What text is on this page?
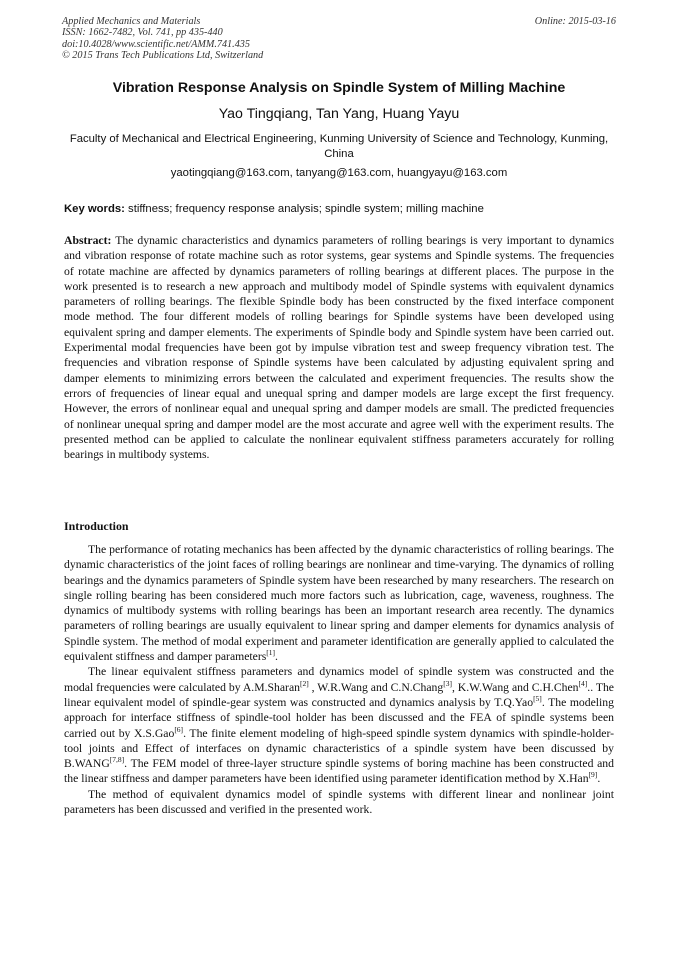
Applied Mechanics and Materials
ISSN: 1662-7482, Vol. 741, pp 435-440
doi:10.4028/www.scientific.net/AMM.741.435
© 2015 Trans Tech Publications Ltd, Switzerland
Online: 2015-03-16
Vibration Response Analysis on Spindle System of Milling Machine
Yao Tingqiang, Tan Yang, Huang Yayu
Faculty of Mechanical and Electrical Engineering, Kunming University of Science and Technology, Kunming, China
yaotingqiang@163.com, tanyang@163.com, huangyayu@163.com
Key words: stiffness; frequency response analysis; spindle system; milling machine
Abstract: The dynamic characteristics and dynamics parameters of rolling bearings is very important to dynamics and vibration response of rotate machine such as rotor systems, gear systems and Spindle systems. The frequencies of rotate machine are affected by dynamics parameters of rolling bearings at different places. The purpose in the work presented is to research a new approach and multibody model of Spindle systems with equivalent dynamics parameters of rolling bearings. The flexible Spindle body has been constructed by the fixed interface component mode method. The four different models of rolling bearings for Spindle systems have been developed using equivalent spring and damper elements. The experiments of Spindle body and Spindle system have been carried out. Experimental modal frequencies have been got by impulse vibration test and sweep frequency vibration test. The frequencies and vibration response of Spindle systems have been calculated by adjusting equivalent spring and damper elements to minimizing errors between the calculated and experiment frequencies. The results show the errors of frequencies of linear equal and unequal spring and damper models are large except the first frequency. However, the errors of nonlinear equal and unequal spring and damper models are small. The predicted frequencies of nonlinear unequal spring and damper model are the most accurate and agree well with the experiment results. The presented method can be applied to calculate the nonlinear equivalent stiffness parameters accurately for rolling bearings in multibody systems.
Introduction

The performance of rotating mechanics has been affected by the dynamic characteristics of rolling bearings. The dynamic characteristics of the joint faces of rolling bearings are nonlinear and time-varying. The dynamics of rolling bearings and the dynamics parameters of Spindle system have been researched by many researchers. The research on single rolling bearing has been considered much more factors such as lubrication, cage, waveness, roughness. The dynamics of multibody systems with rolling bearings has been an important research area recently. The dynamics parameters of rolling bearings are usually equivalent to linear spring and damper elements for dynamics analysis of Spindle system. The method of modal experiment and parameter identification are generally applied to calculated the equivalent stiffness and damper parameters[1].

The linear equivalent stiffness parameters and dynamics model of spindle system was constructed and the modal frequencies were calculated by A.M.Sharan[2] , W.R.Wang and C.N.Chang[3], K.W.Wang and C.H.Chen[4].. The linear equivalent model of spindle-gear system was constructed and dynamics analysis by T.Q.Yao[5]. The modeling approach for interface stiffness of spindle-tool holder has been discussed and the FEA of spindle systems been carried out by X.S.Gao[6]. The finite element modeling of high-speed spindle system dynamics with spindle-holder-tool joints and Effect of interfaces on dynamic characteristics of a spindle system have been discussed by B.WANG[7,8]. The FEM model of three-layer structure spindle systems of boring machine has been constructed and the linear stiffness and damper parameters have been identified using parameter identification method by X.Han[9].

The method of equivalent dynamics model of spindle systems with different linear and nonlinear joint parameters has been discussed and verified in the presented work.
